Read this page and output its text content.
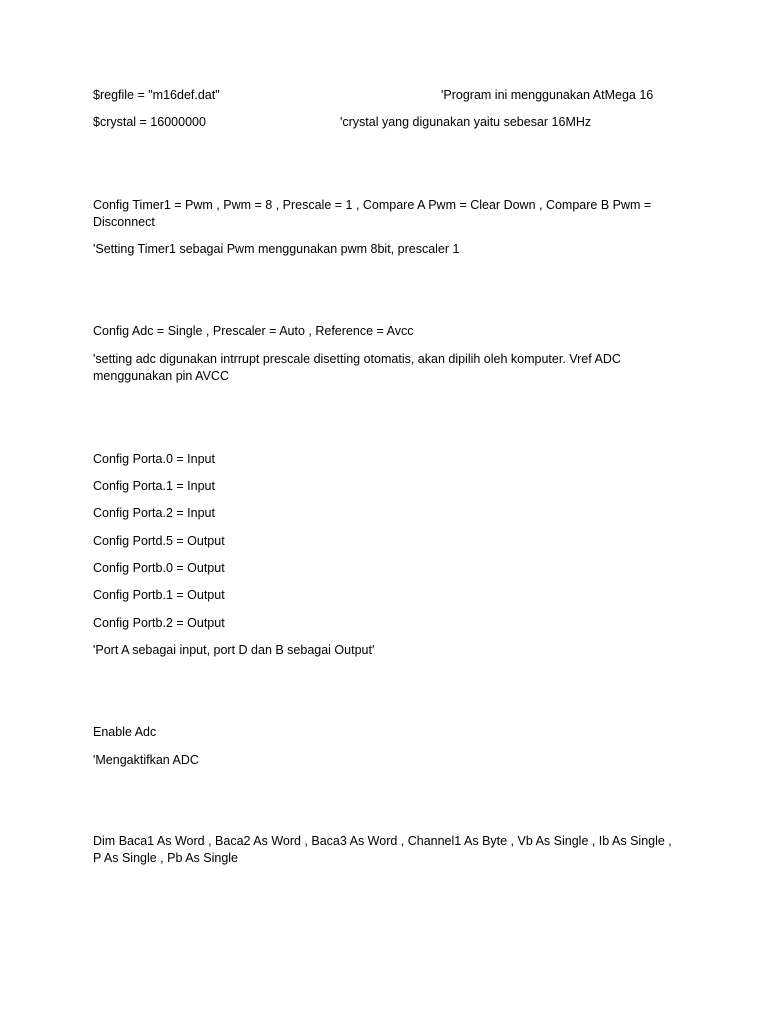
$regfile = "m16def.dat"	'Program ini menggunakan AtMega 16
$crystal = 16000000	'crystal yang digunakan yaitu sebesar 16MHz
Config Timer1 = Pwm , Pwm = 8 , Prescale = 1 , Compare A Pwm = Clear Down , Compare B Pwm = Disconnect
'Setting Timer1 sebagai Pwm menggunakan pwm 8bit, prescaler 1
Config Adc = Single , Prescaler = Auto , Reference = Avcc
'setting adc digunakan intrrupt prescale disetting otomatis, akan dipilih oleh komputer. Vref ADC menggunakan pin AVCC
Config Porta.0 = Input
Config Porta.1 = Input
Config Porta.2 = Input
Config Portd.5 = Output
Config Portb.0 = Output
Config Portb.1 = Output
Config Portb.2 = Output
'Port A sebagai input, port D dan B sebagai Output'
Enable Adc
'Mengaktifkan ADC
Dim Baca1 As Word , Baca2 As Word , Baca3 As Word , Channel1 As Byte , Vb As Single , Ib As Single , P As Single , Pb As Single
